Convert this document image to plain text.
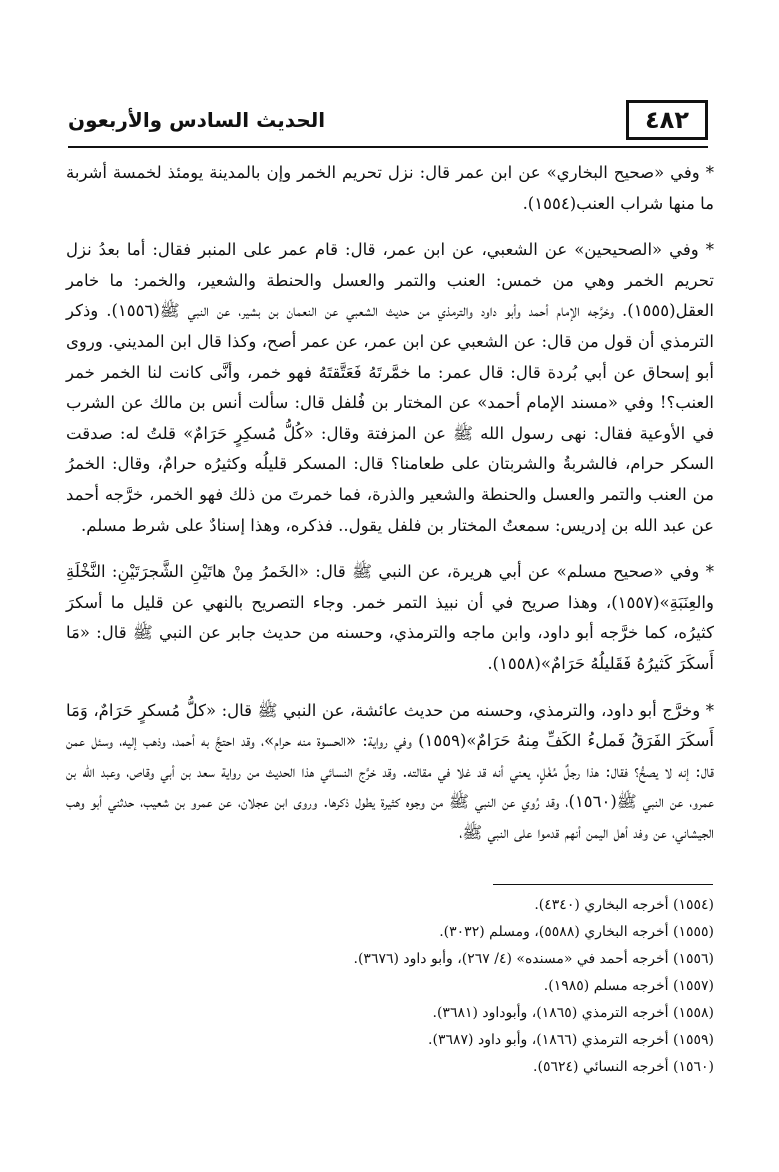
٤٨٢
الحديث السادس والأربعون

* وفي «صحيح البخاري» عن ابن عمر قال: نزل تحريم الخمر وإن بالمدينة يومئذ لخمسة أشربة ما منها شراب العنب(١٥٥٤).

* وفي «الصحيحين» عن الشعبي، عن ابن عمر، قال: قام عمر على المنبر فقال: أما بعدُ نزل تحريم الخمر وهي من خمس: العنب والتمر والعسل والحنطة والشعير، والخمر: ما خامر العقل(١٥٥٥). وخرَّجه الإمام أحمد وأبو داود والترمذي من حديث الشعبي عن النعمان بن بشير، عن النبي ﷺ(١٥٥٦). وذكر الترمذي أن قول من قال: عن الشعبي عن ابن عمر، عن عمر أصح، وكذا قال ابن المديني. وروى أبو إسحاق عن أبي بُردة قال: قال عمر: ما خمَّرتَهُ فَعَتَّقتَهُ فهو خمر، وأنَّى كانت لنا الخمر خمر العنب؟! وفي «مسند الإمام أحمد» عن المختار بن فُلفل قال: سألت أنس بن مالك عن الشرب في الأوعية فقال: نهى رسول الله ﷺ عن المزفتة وقال: «كُلُّ مُسكِرٍ حَرَامٌ» قلتُ له: صدقت السكر حرام، فالشربةُ والشربتان على طعامنا؟ قال: المسكر قليلُه وكثيرُه حرامٌ، وقال: الخمرُ من العنب والتمر والعسل والحنطة والشعير والذرة، فما خمرتَ من ذلك فهو الخمر، خرَّجه أحمد عن عبد الله بن إدريس: سمعتُ المختار بن فلفل يقول.. فذكره، وهذا إسنادٌ على شرط مسلم.

* وفي «صحيح مسلم» عن أبي هريرة، عن النبي ﷺ قال: «الخَمرُ مِنْ هاتَيْنِ الشَّجرَتَيْنِ: النَّخْلَةِ والعِنَبَةِ»(١٥٥٧)، وهذا صريح في أن نبيذ التمر خمر. وجاء التصريح بالنهي عن قليل ما أسكرَ كثيرُه، كما خرَّجه أبو داود، وابن ماجه والترمذي، وحسنه من حديث جابر عن النبي ﷺ قال: «مَا أَسكَرَ كَثيرُهُ فَقَليلُهُ حَرَامٌ»(١٥٥٨).

* وخرَّج أبو داود، والترمذي، وحسنه من حديث عائشة، عن النبي ﷺ قال: «كلُّ مُسكرٍ حَرَامٌ، وَمَا أَسكَرَ الفَرَقُ فَملءُ الكَفِّ مِنهُ حَرَامٌ»(١٥٥٩) وفي رواية: «الحسوة منه حرام»، وقد احتجَّ به أحمد، وذهب إليه، وسئل عمن قال: إنه لا يصحُّ؟ فقال: هذا رجلٌ مُغْلٍ، يعني أنه قد غلا في مقالته. وقد خرَّج النسائي هذا الحديث من رواية سعد بن أبي وقاص، وعبد الله بن عمرو، عن النبي ﷺ(١٥٦٠)، وقد رُوي عن النبي ﷺ من وجوه كثيرة يطول ذكرها. وروى ابن عجلان، عن عمرو بن شعيب، حدثني أبو وهب الجيشاني، عن وفد أهل اليمن أنهم قدموا على النبي ﷺ،

(١٥٥٤) أخرجه البخاري (٤٣٤٠).
(١٥٥٥) أخرجه البخاري (٥٥٨٨)، ومسلم (٣٠٣٢).
(١٥٥٦) أخرجه أحمد في «مسنده» (٤/ ٢٦٧)، وأبو داود (٣٦٧٦).
(١٥٥٧) أخرجه مسلم (١٩٨٥).
(١٥٥٨) أخرجه الترمذي (١٨٦٥)، وأبوداود (٣٦٨١).
(١٥٥٩) أخرجه الترمذي (١٨٦٦)، وأبو داود (٣٦٨٧).
(١٥٦٠) أخرجه النسائي (٥٦٢٤).
